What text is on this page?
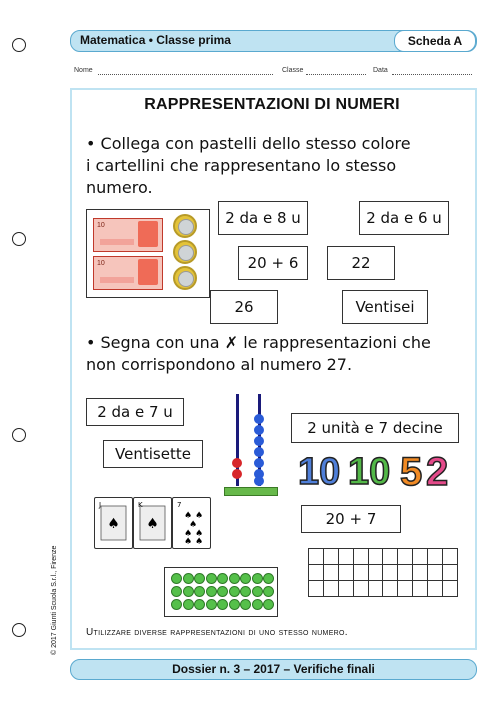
Matematica • Classe prima	Scheda A
Nome	Classe	Data
RAPPRESENTAZIONI DI NUMERI
• Collega con pastelli dello stesso colore
i cartellini che rappresentano lo stesso
numero.
10
10
2 da e 8 u	2 da e 6 u
20 + 6	22
26	Ventisei
• Segna con una ✗ le rappresentazioni che
non corrispondono al numero 27.
2 da e 7 u
Ventisette
2 unità e 7 decine
20 + 7
10 10 5 2
♠
J
♠
K	7
♠ ♠
♠
♠ ♠
♠ ♠

Utilizzare diverse rappresentazioni di uno stesso numero.
Dossier n. 3 – 2017 – Verifiche finali
© 2017 Giunti Scuola S.r.l., Firenze
